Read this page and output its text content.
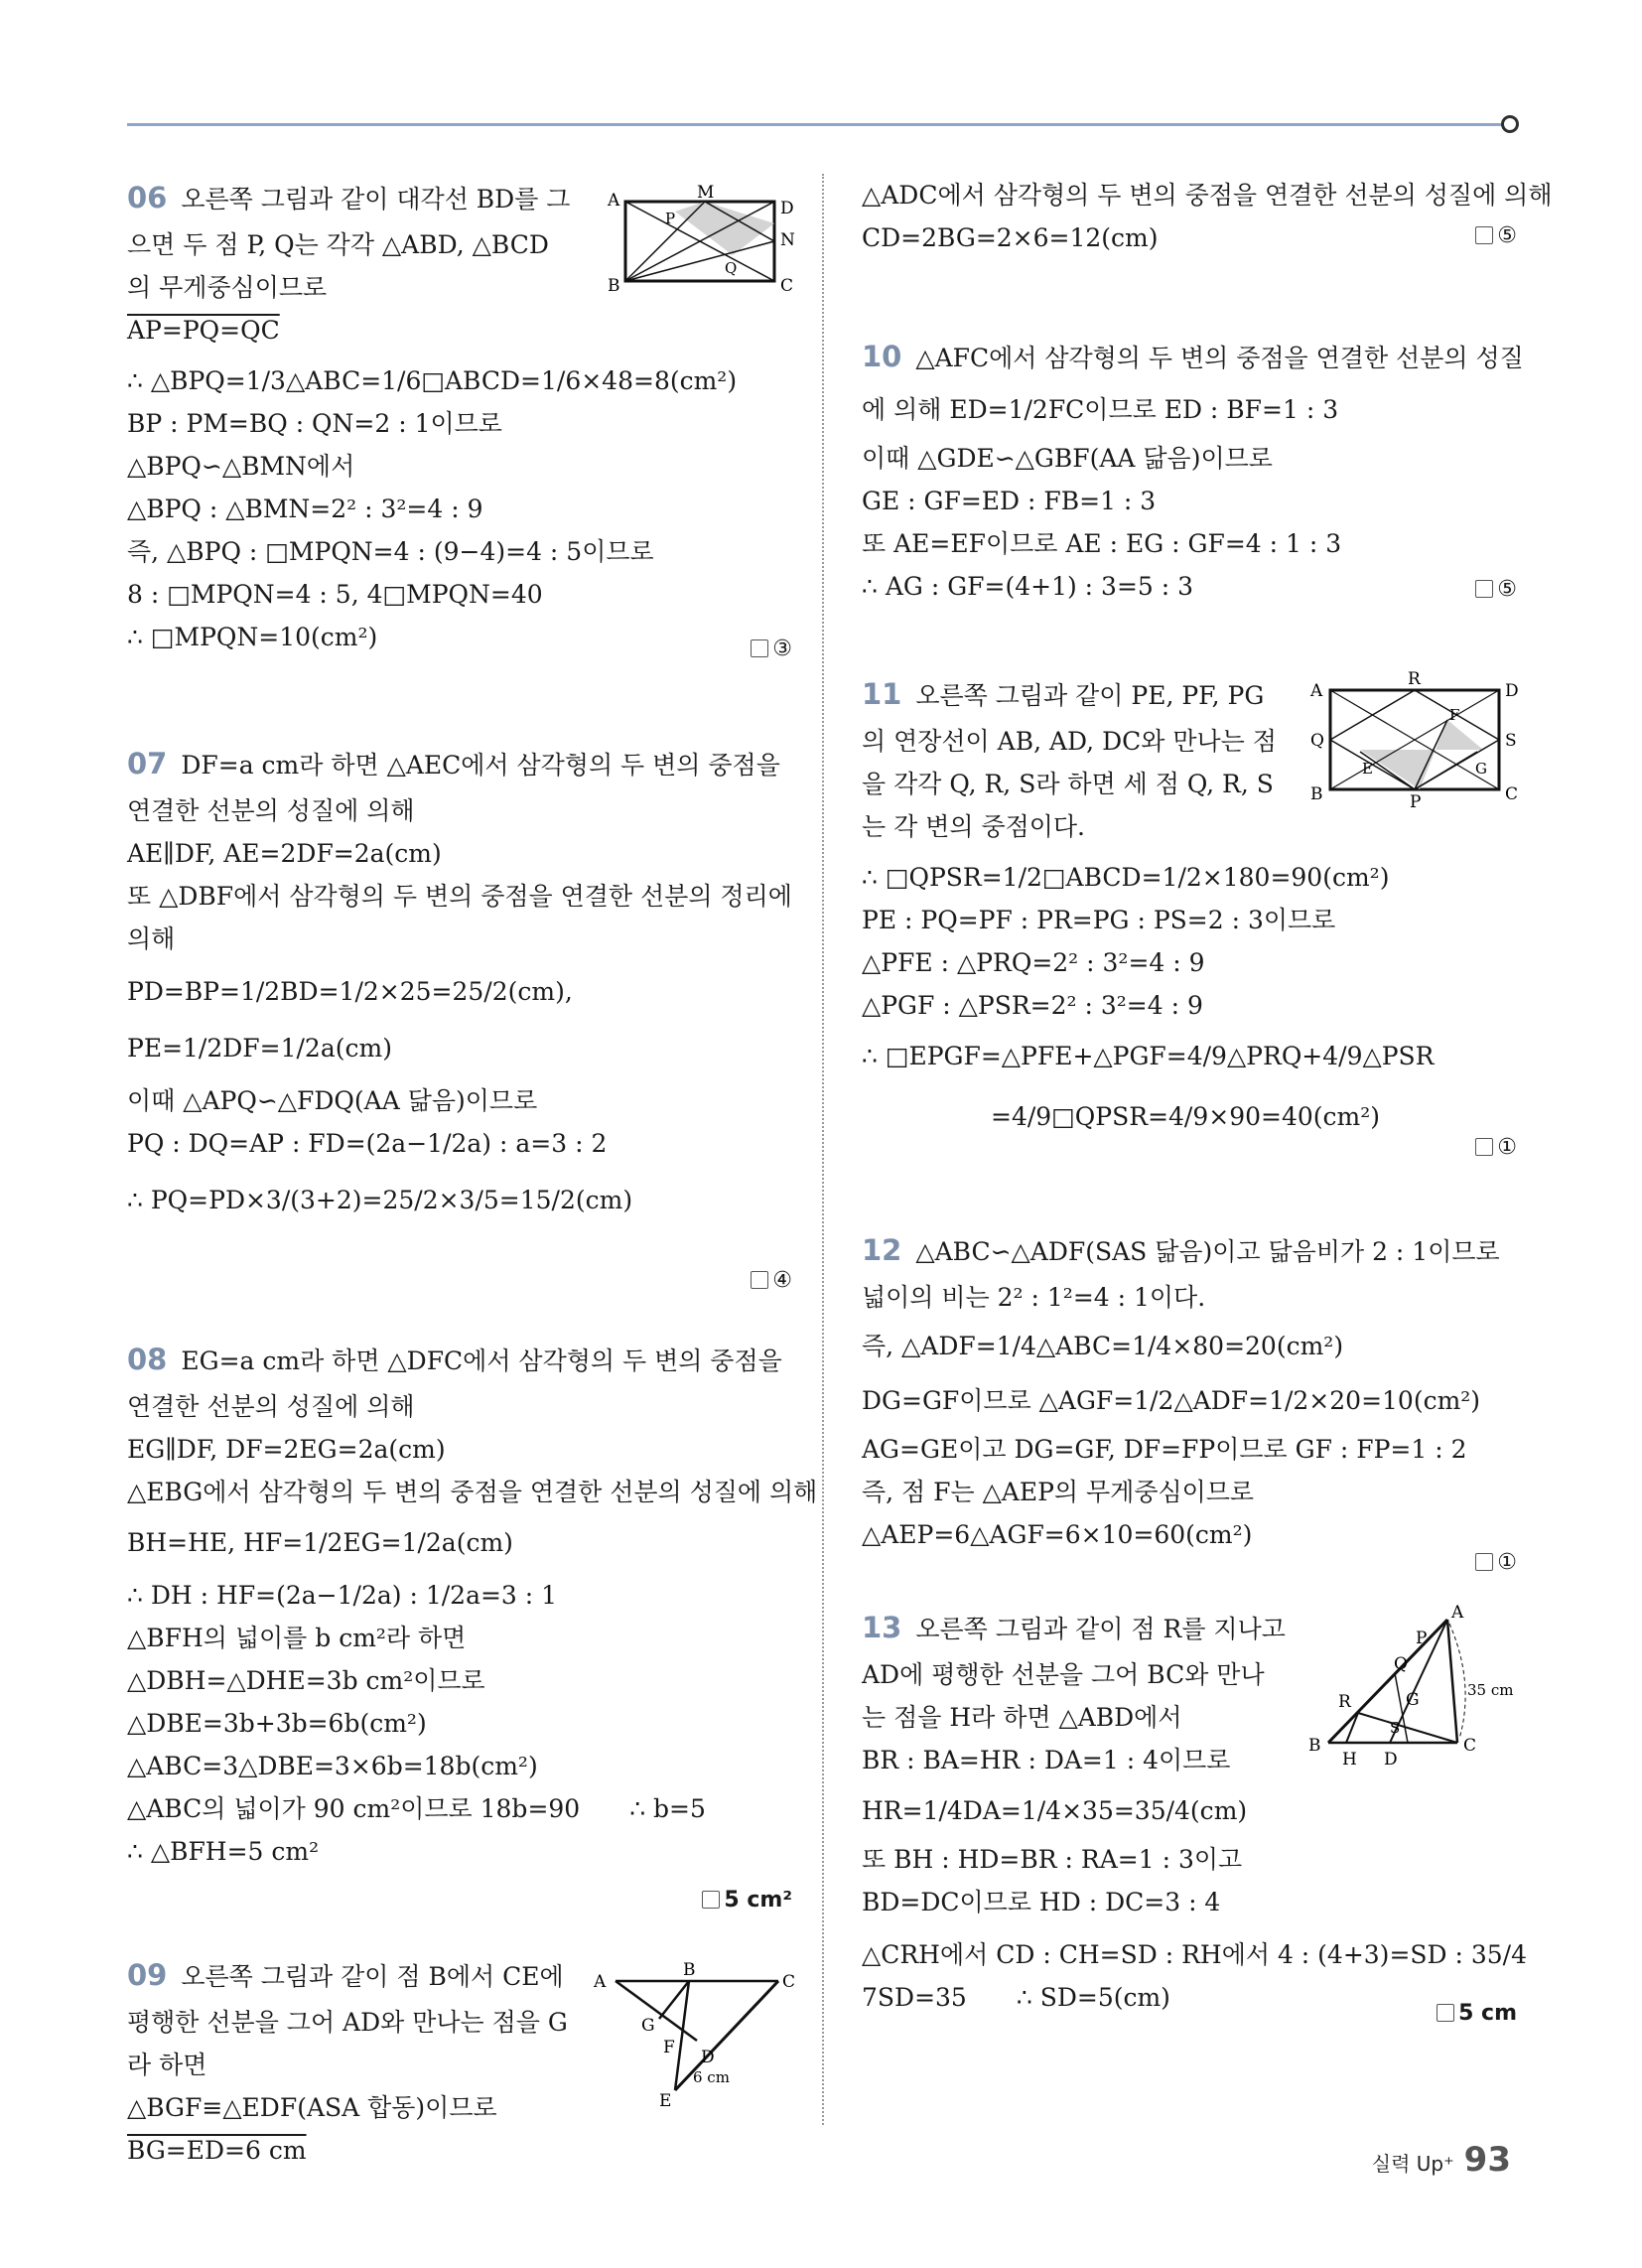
06 오른쪽 그림과 같이 대각선 BD를 그
으면 두 점 P, Q는 각각 △ABD, △BCD
의 무게중심이므로
AP=PQ=QC
∴ △BPQ=1/3△ABC=1/6□ABCD=1/6×48=8(cm²)
BP : PM=BQ : QN=2 : 1이므로
△BPQ∽△BMN에서
△BPQ : △BMN=2² : 3²=4 : 9
즉, △BPQ : □MPQN=4 : (9−4)=4 : 5이므로
8 : □MPQN=4 : 5, 4□MPQN=40
∴ □MPQN=10(cm²)	③
A	M
D
P
N
Q
B	C
07 DF=a cm라 하면 △AEC에서 삼각형의 두 변의 중점을
연결한 선분의 성질에 의해
AE∥DF, AE=2DF=2a(cm)
또 △DBF에서 삼각형의 두 변의 중점을 연결한 선분의 정리에
의해
PD=BP=1/2BD=1/2×25=25/2(cm),
PE=1/2DF=1/2a(cm)
이때 △APQ∽△FDQ(AA 닮음)이므로
PQ : DQ=AP : FD=(2a−1/2a) : a=3 : 2
∴ PQ=PD×3/(3+2)=25/2×3/5=15/2(cm)
④
08 EG=a cm라 하면 △DFC에서 삼각형의 두 변의 중점을
연결한 선분의 성질에 의해
EG∥DF, DF=2EG=2a(cm)
△EBG에서 삼각형의 두 변의 중점을 연결한 선분의 성질에 의해
BH=HE, HF=1/2EG=1/2a(cm)
∴ DH : HF=(2a−1/2a) : 1/2a=3 : 1
△BFH의 넓이를 b cm²라 하면
△DBH=△DHE=3b cm²이므로
△DBE=3b+3b=6b(cm²)
△ABC=3△DBE=3×6b=18b(cm²)
△ABC의 넓이가 90 cm²이므로 18b=90 ∴ b=5
∴ △BFH=5 cm²
5 cm²
09 오른쪽 그림과 같이 점 B에서 CE에
평행한 선분을 그어 AD와 만나는 점을 G
라 하면
△BGF≡△EDF(ASA 합동)이므로
BG=ED=6 cm
A
B
C
G
F D
6 cm
E
△ADC에서 삼각형의 두 변의 중점을 연결한 선분의 성질에 의해
CD=2BG=2×6=12(cm)	⑤
10 △AFC에서 삼각형의 두 변의 중점을 연결한 선분의 성질
에 의해 ED=1/2FC이므로 ED : BF=1 : 3
이때 △GDE∽△GBF(AA 닮음)이므로
GE : GF=ED : FB=1 : 3
또 AE=EF이므로 AE : EG : GF=4 : 1 : 3
∴ AG : GF=(4+1) : 3=5 : 3	⑤
11 오른쪽 그림과 같이 PE, PF, PG
의 연장선이 AB, AD, DC와 만나는 점
을 각각 Q, R, S라 하면 세 점 Q, R, S
는 각 변의 중점이다.
∴ □QPSR=1/2□ABCD=1/2×180=90(cm²)
PE : PQ=PF : PR=PG : PS=2 : 3이므로
△PFE : △PRQ=2² : 3²=4 : 9
△PGF : △PSR=2² : 3²=4 : 9
∴ □EPGF=△PFE+△PGF=4/9△PRQ+4/9△PSR
=4/9□QPSR=4/9×90=40(cm²)
①
A
R
D
F
Q	S
E	G
B	P	C
12 △ABC∽△ADF(SAS 닮음)이고 닮음비가 2 : 1이므로
넓이의 비는 2² : 1²=4 : 1이다.
즉, △ADF=1/4△ABC=1/4×80=20(cm²)
DG=GF이므로 △AGF=1/2△ADF=1/2×20=10(cm²)
AG=GE이고 DG=GF, DF=FP이므로 GF : FP=1 : 2
즉, 점 F는 △AEP의 무게중심이므로
△AEP=6△AGF=6×10=60(cm²)
①
13 오른쪽 그림과 같이 점 R를 지나고
AD에 평행한 선분을 그어 BC와 만나
는 점을 H라 하면 △ABD에서
BR : BA=HR : DA=1 : 4이므로
HR=1/4DA=1/4×35=35/4(cm)
또 BH : HD=BR : RA=1 : 3이고
BD=DC이므로 HD : DC=3 : 4
△CRH에서 CD : CH=SD : RH에서 4 : (4+3)=SD : 35/4
7SD=35 ∴ SD=5(cm)
5 cm
A
P
Q
R	G
S
35 cm
B
H D
C
실력 Up⁺ 93
